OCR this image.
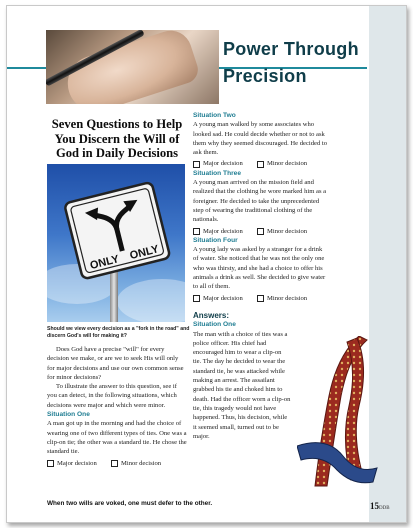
Power Through
Precision
Seven Questions to Help You Discern the Will of God in Daily Decisions
ONLY
ONLY
Should we view every decision as a "fork in the road" and discern God's will for making it?

Does God have a precise "will" for every decision we make, or are we to seek His will only for major decisions and use our own common sense for minor decisions?

To illustrate the answer to this question, see if you can detect, in the following situations, which decisions were major and which were minor.

Situation One

A man got up in the morning and had the choice of wearing one of two different types of ties. One was a clip-on tie; the other was a standard tie. He chose the standard tie.

Major decision	Minor decision
Situation Two

A young man walked by some associates who looked sad. He could decide whether or not to ask them why they seemed discouraged. He decided to ask them.

Major decision	Minor decision
Situation Three

A young man arrived on the mission field and realized that the clothing he wore marked him as a foreigner. He decided to take the unprecedented step of wearing the traditional clothing of the nationals.

Major decision	Minor decision
Situation Four

A young lady was asked by a stranger for a drink of water. She noticed that he was not the only one who was thirsty, and she had a choice to offer his animals a drink as well. She decided to give water to all of them.

Major decision	Minor decision
Answers:
Situation One

The man with a choice of ties was a police officer. His chief had encouraged him to wear a clip-on tie. The day he decided to wear the standard tie, he was attacked while making an arrest. The assailant grabbed his tie and choked him to death. Had the officer worn a clip-on tie, this tragedy would not have happened. Thus, his decision, while it seemed small, turned out to be major.

When two wills are voked, one must defer to the other.	15DDB
